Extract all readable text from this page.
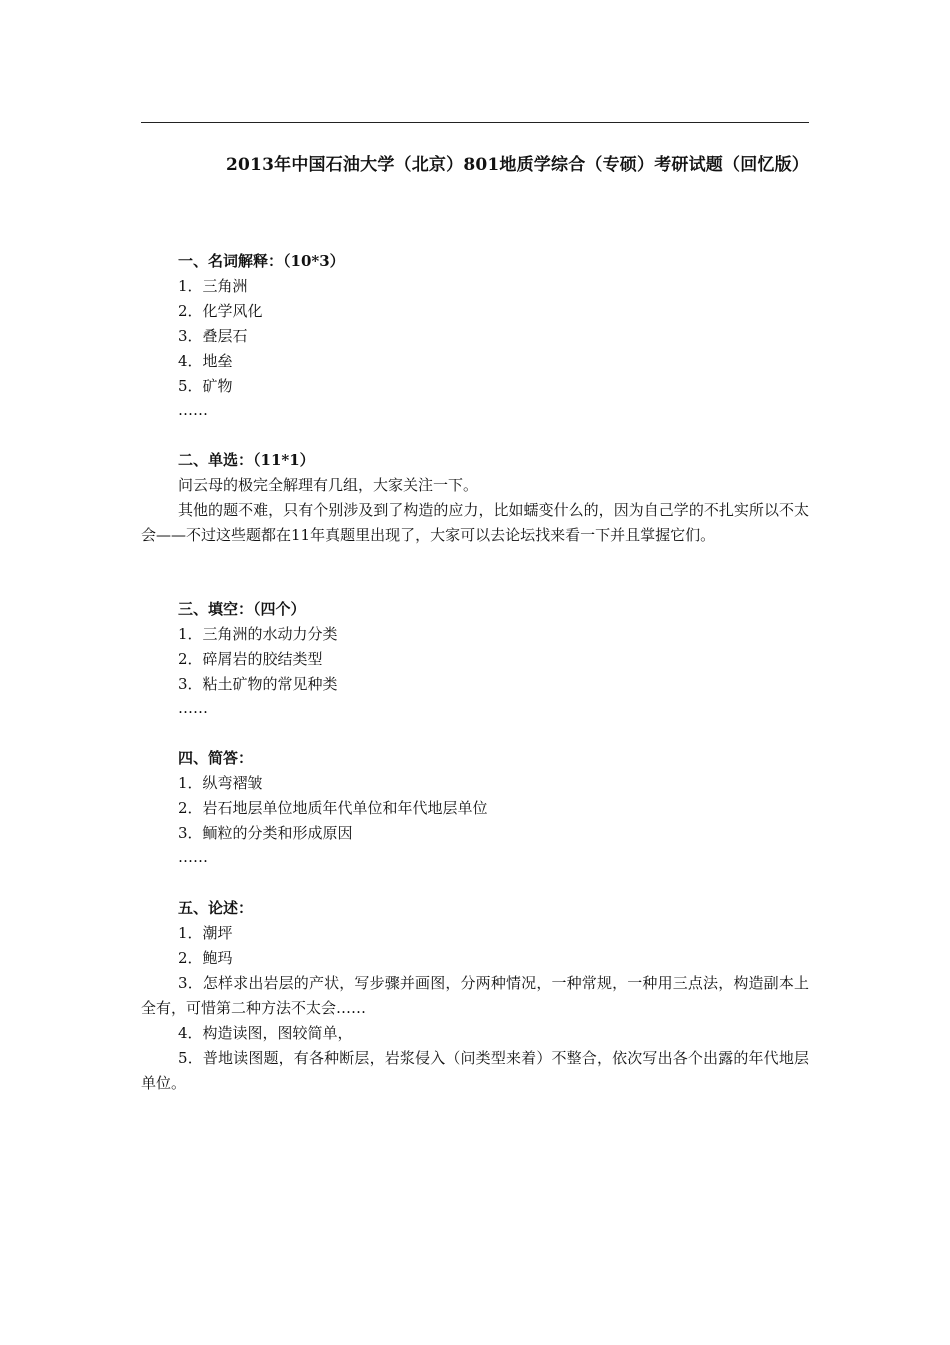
2013年中国石油大学（北京）801地质学综合（专硕）考研试题（回忆版）
一、名词解释：（10*3）
1．三角洲
2．化学风化
3．叠层石
4．地垒
5．矿物
……
二、单选：（11*1）
问云母的极完全解理有几组，大家关注一下。
其他的题不难，只有个别涉及到了构造的应力，比如蠕变什么的，因为自己学的不扎实所以不太会——不过这些题都在11年真题里出现了，大家可以去论坛找来看一下并且掌握它们。
三、填空：（四个）
1．三角洲的水动力分类
2．碎屑岩的胶结类型
3．粘土矿物的常见种类
……
四、简答：
1．纵弯褶皱
2．岩石地层单位地质年代单位和年代地层单位
3．鲕粒的分类和形成原因
……
五、论述：
1．潮坪
2．鲍玛
3．怎样求出岩层的产状，写步骤并画图，分两种情况，一种常规，一种用三点法，构造副本上全有，可惜第二种方法不太会……
4．构造读图，图较简单，
5．普地读图题，有各种断层，岩浆侵入（问类型来着）不整合，依次写出各个出露的年代地层单位。
